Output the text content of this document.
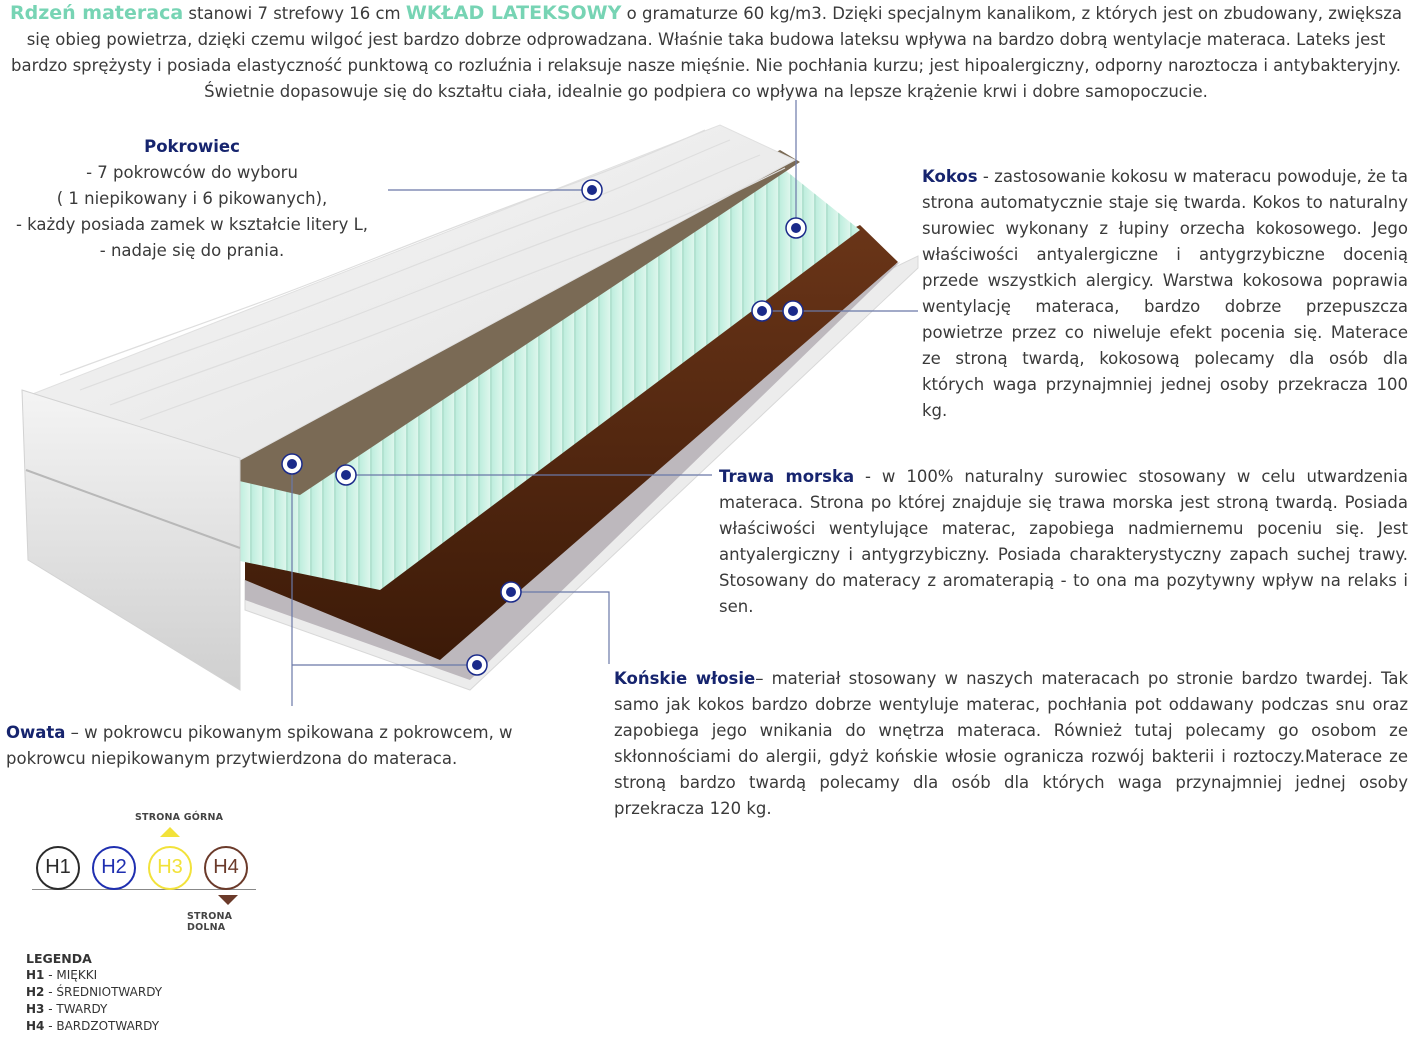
Rdzeń materaca stanowi 7 strefowy 16 cm WKŁAD LATEKSOWY o gramaturze 60 kg/m3. Dzięki specjalnym kanalikom, z których jest on zbudowany, zwiększa się obieg powietrza, dzięki czemu wilgoć jest bardzo dobrze odprowadzana. Właśnie taka budowa lateksu wpływa na bardzo dobrą wentylacje materaca. Lateks jest bardzo sprężysty i posiada elastyczność punktową co rozluźnia i relaksuje nasze mięśnie. Nie pochłania kurzu; jest hipoalergiczny, odporny naroztocza i antybakteryjny. Świetnie dopasowuje się do kształtu ciała, idealnie go podpiera co wpływa na lepsze krążenie krwi i dobre samopoczucie.
Pokrowiec
- 7 pokrowców do wyboru
( 1 niepikowany i 6 pikowanych),
- każdy posiada zamek w kształcie litery L,
- nadaje się do prania.
Kokos - zastosowanie kokosu w materacu powoduje, że ta strona automatycznie staje się twarda. Kokos to naturalny surowiec wykonany z łupiny orzecha kokosowego. Jego właściwości antyalergiczne i antygrzybiczne docenią przede wszystkich alergicy. Warstwa kokosowa poprawia wentylację materaca, bardzo dobrze przepuszcza powietrze przez co niweluje efekt pocenia się. Materace ze stroną twardą, kokosową polecamy dla osób dla których waga przynajmniej jednej osoby przekracza 100 kg.
Trawa morska - w 100% naturalny surowiec stosowany w celu utwardzenia materaca. Strona po której znajduje się trawa morska jest stroną twardą. Posiada właściwości wentylujące materac, zapobiega nadmiernemu poceniu się. Jest antyalergiczny i antygrzybiczny. Posiada charakterystyczny zapach suchej trawy. Stosowany do materacy z aromaterapią - to ona ma pozytywny wpływ na relaks i sen.
Końskie włosie– materiał stosowany w naszych materacach po stronie bardzo twardej. Tak samo jak kokos bardzo dobrze wentyluje materac, pochłania pot oddawany podczas snu oraz zapobiega jego wnikania do wnętrza materaca. Również tutaj polecamy go osobom ze skłonnościami do alergii, gdyż końskie włosie ogranicza rozwój bakterii i roztoczy.Materace ze stroną bardzo twardą polecamy dla osób dla których waga przynajmniej jednej osoby przekracza 120 kg.
Owata – w pokrowcu pikowanym spikowana z pokrowcem, w pokrowcu niepikowanym przytwierdzona do materaca.
STRONA GÓRNA
H1	H2	H3	H4
STRONA DOLNA
LEGENDA
H1 - MIĘKKI
H2 - ŚREDNIOTWARDY
H3 - TWARDY
H4 - BARDZOTWARDY
